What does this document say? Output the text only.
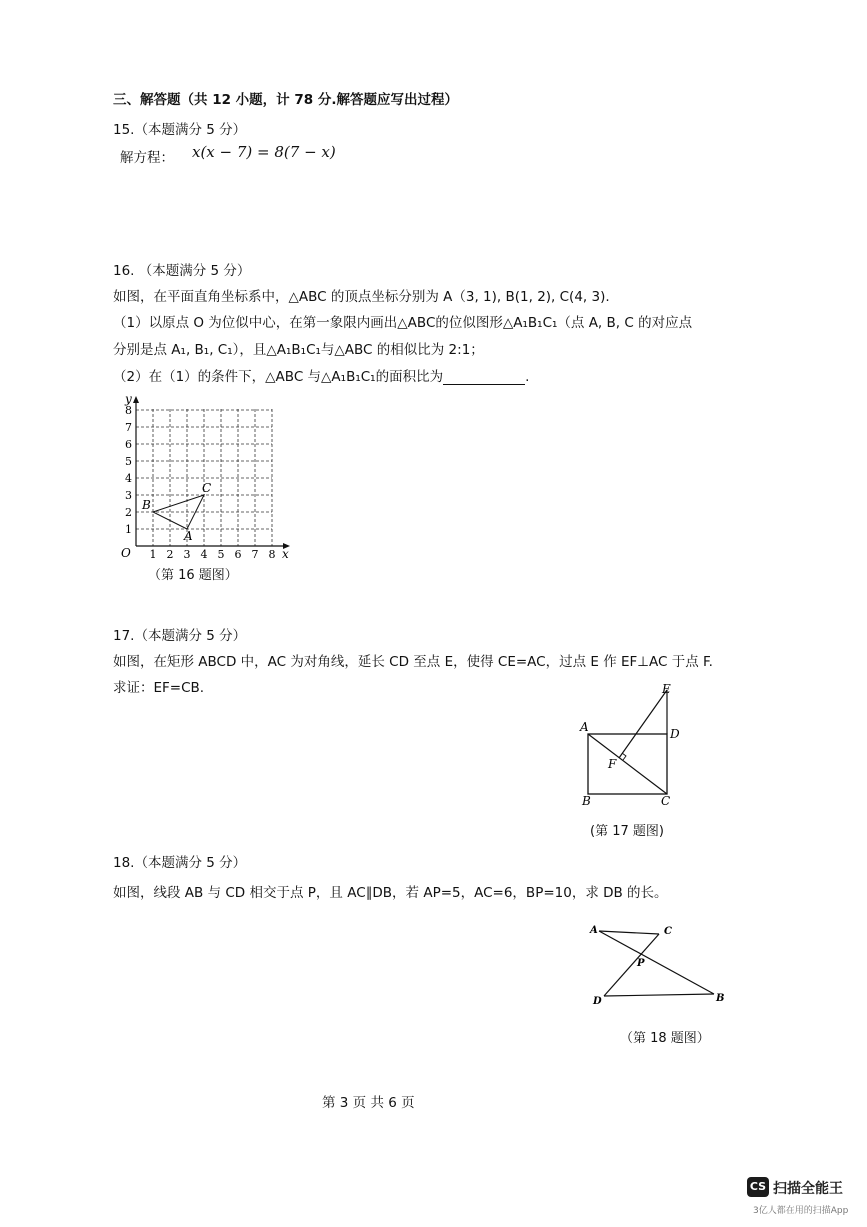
三、解答题（共 12 小题，计 78 分.解答题应写出过程）
15.（本题满分 5 分）
解方程： x(x − 7) = 8(7 − x)
16. （本题满分 5 分）
如图，在平面直角坐标系中，△ABC 的顶点坐标分别为 A（3, 1), B(1, 2), C(4, 3).
（1）以原点 O 为位似中心，在第一象限内画出△ABC的位似图形△A₁B₁C₁（点 A, B, C 的对应点
分别是点 A₁, B₁, C₁），且△A₁B₁C₁与△ABC 的相似比为 2:1；
（2）在（1）的条件下，△ABC 与△A₁B₁C₁的面积比为	.
x
y
O 1 2 3 4 5 6 7 8
1
2
3
4
5
6
7
8
A
B
C
（第 16 题图）
17.（本题满分 5 分）
如图，在矩形 ABCD 中，AC 为对角线，延长 CD 至点 E，使得 CE=AC，过点 E 作 EF⊥AC 于点 F.
求证：EF=CB.
A
B	C
D
E
F
(第 17 题图)
18.（本题满分 5 分）
如图，线段 AB 与 CD 相交于点 P，且 AC∥DB，若 AP=5，AC=6，BP=10，求 DB 的长。
A	C
P
D	B
（第 18 题图）
第 3 页 共 6 页
CS 扫描全能王
3亿人都在用的扫描App
